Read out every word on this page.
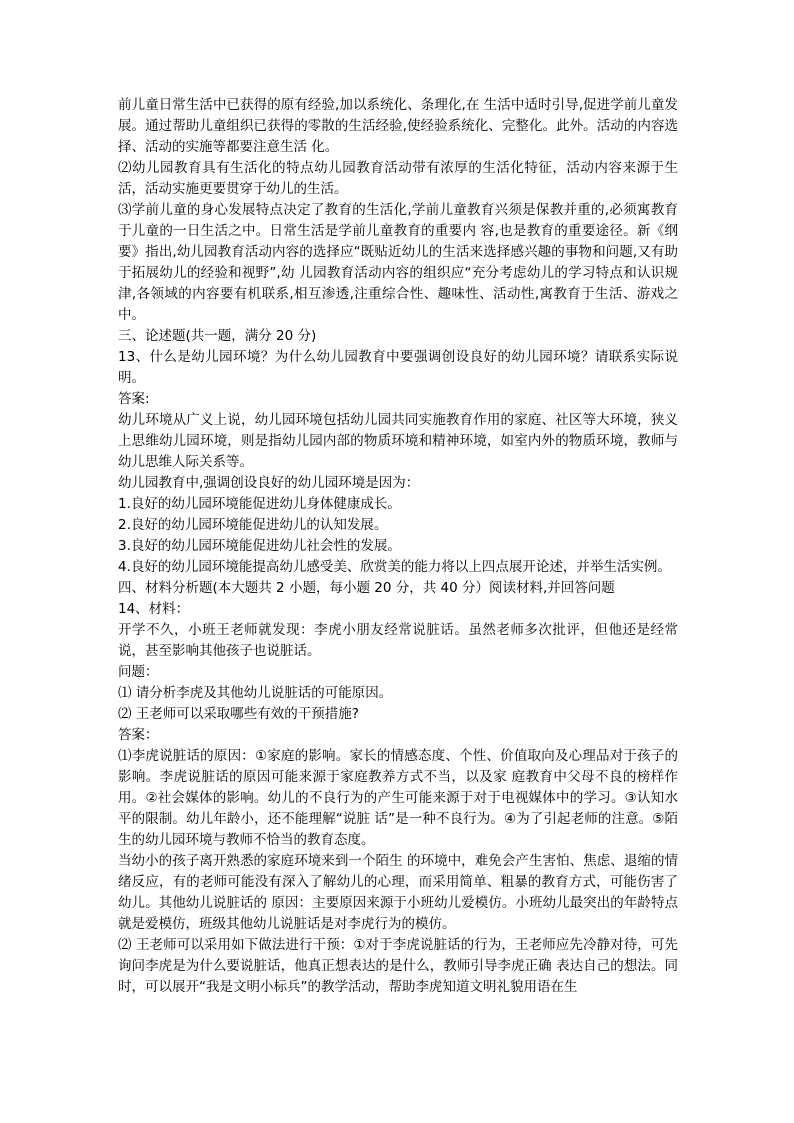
前儿童日常生活中已获得的原有经验,加以系统化、条理化,在 生活中适时引导,促进学前儿童发展。通过帮助儿童组织已获得的零散的生活经验,使经验系统化、完整化。此外。活动的内容选择、活动的实施等都要注意生活 化。

⑵幼儿园教育具有生活化的特点幼儿园教育活动带有浓厚的生活化特征，活动内容来源于生活，活动实施更要贯穿于幼儿的生活。

⑶学前儿童的身心发展特点决定了教育的生活化,学前儿童教育兴须是保教并重的,必须寓教育于儿童的一日生活之中。日常生活是学前儿童教育的重要内 容,也是教育的重要途径。新《纲要》指出,幼儿园教育活动内容的选择应“既贴近幼儿的生活来选择感兴趣的事物和问题,又有助于拓展幼儿的经验和视野”,幼 儿园教育活动内容的组织应“充分考虑幼儿的学习特点和认识规津,各领域的内容要有机联系,相互渗透,注重综合性、趣味性、活动性,寓教育于生活、游戏之 中。

三、论述题(共一题，满分 20 分)

13、什么是幼儿园环境？为什么幼儿园教育中要强调创设良好的幼儿园环境？请联系实际说明。

答案:

幼儿环境从广义上说，幼儿园环境包括幼儿园共同实施教育作用的家庭、社区等大环境，狭义上思维幼儿园环境，则是指幼儿园内部的物质环境和精神环境，如室内外的物质环境，教师与幼儿思维人际关系等。

幼儿园教育中,强调创设良好的幼儿园环境是因为：

1.良好的幼儿园环境能促进幼儿身体健康成长。

2.良好的幼儿园环境能促进幼儿的认知发展。

3.良好的幼儿园环境能促进幼儿社会性的发展。

4.良好的幼儿园环境能提高幼儿感受美、欣赏美的能力将以上四点展开论述，并举生活实例。

四、材料分析题(本大题共 2 小题，每小题 20 分，共 40 分）阅读材料,并回答问题

14、材料：

开学不久，小班王老师就发现：李虎小朋友经常说脏话。虽然老师多次批评，但他还是经常说，甚至影响其他孩子也说脏话。

问题：

⑴ 请分析李虎及其他幼儿说脏话的可能原因。

⑵ 王老师可以采取哪些有效的干预措施?

答案：

⑴李虎说脏话的原因：①家庭的影响。家长的情感态度、个性、价值取向及心理品对于孩子的影响。李虎说脏话的原因可能来源于家庭教养方式不当，以及家 庭教育中父母不良的榜样作用。②社会媒体的影响。幼儿的不良行为的产生可能来源于对于电视媒体中的学习。③认知水平的限制。幼儿年龄小，还不能理解“说脏 话”是一种不良行为。④为了引起老师的注意。⑤陌生的幼儿园环境与教师不恰当的教育态度。

当幼小的孩子离开熟悉的家庭环境来到一个陌生 的环境中，难免会产生害怕、焦虑、退缩的情绪反应，有的老师可能没有深入了解幼儿的心理，而采用简单、粗暴的教育方式，可能伤害了幼儿。其他幼儿说脏话的 原因：主要原因来源于小班幼儿爱模仿。小班幼儿最突出的年龄特点就是爱模仿，班级其他幼儿说脏话是对李虎行为的模仿。

⑵ 王老师可以采用如下做法进行干预：①对于李虎说脏话的行为，王老师应先冷静对待，可先询问李虎是为什么要说脏话，他真正想表达的是什么，教师引导李虎正确 表达自己的想法。同时，可以展开“我是文明小标兵”的教学活动，帮助李虎知道文明礼貌用语在生
